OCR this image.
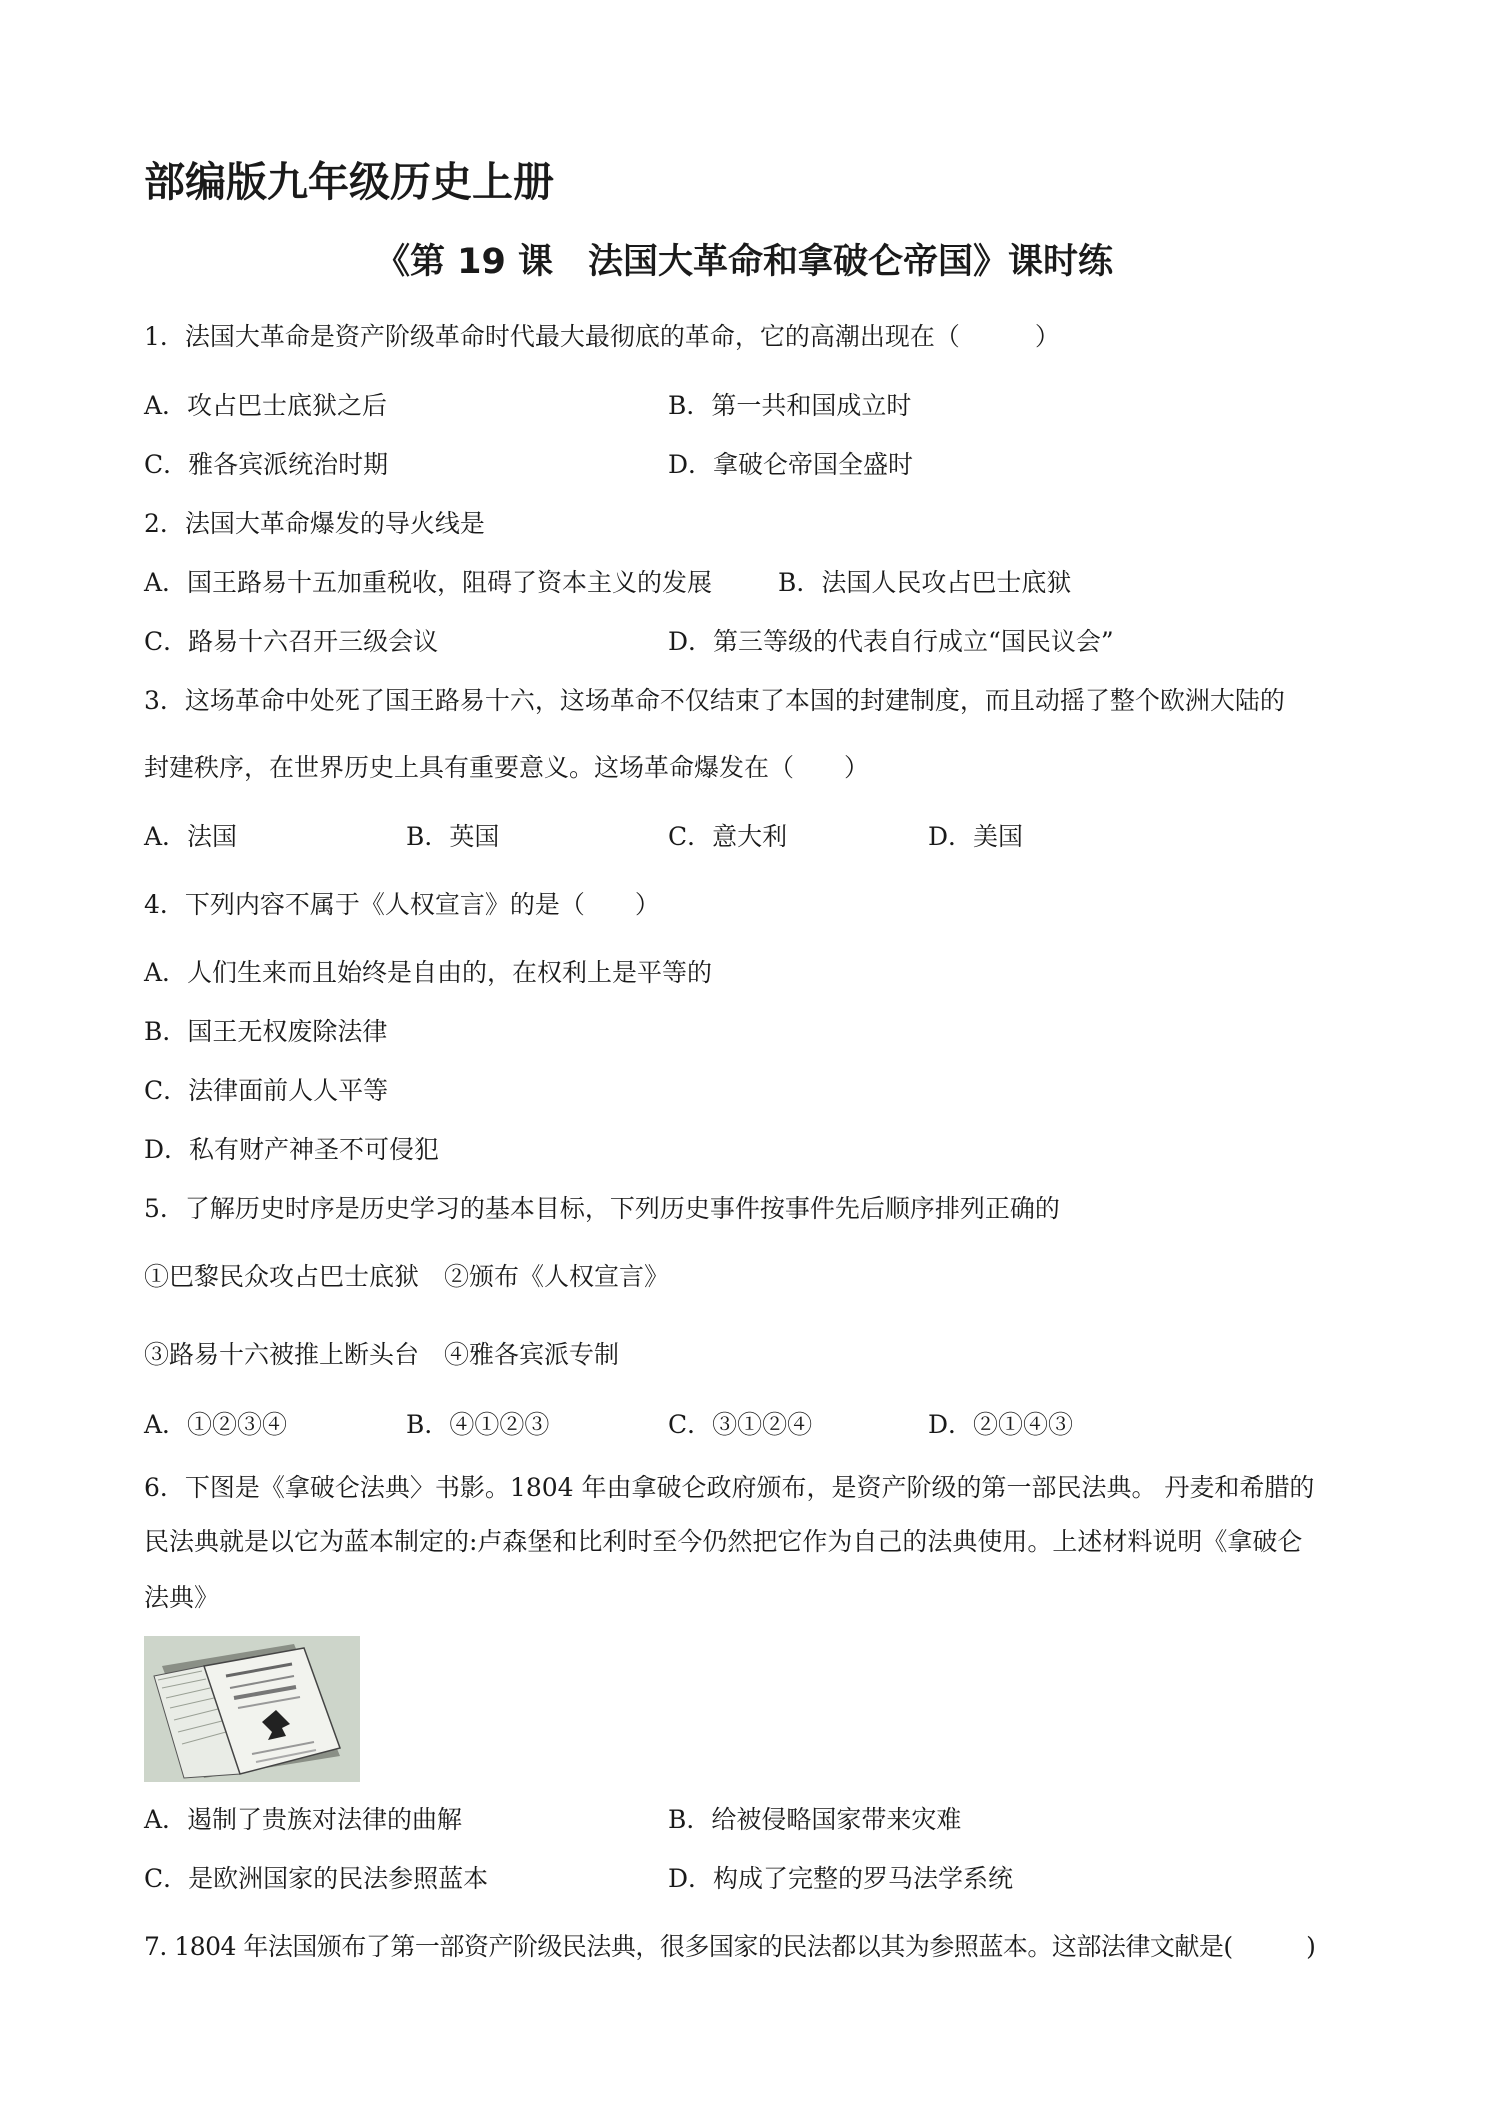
部编版九年级历史上册
《第 19 课　法国大革命和拿破仑帝国》课时练
1．法国大革命是资产阶级革命时代最大最彻底的革命，它的高潮出现在（　　　）
A．攻占巴士底狱之后	B．第一共和国成立时
C．雅各宾派统治时期	D．拿破仑帝国全盛时
2．法国大革命爆发的导火线是
A．国王路易十五加重税收，阻碍了资本主义的发展	B．法国人民攻占巴士底狱
C．路易十六召开三级会议	D．第三等级的代表自行成立“国民议会”
3．这场革命中处死了国王路易十六，这场革命不仅结束了本国的封建制度，而且动摇了整个欧洲大陆的
封建秩序，在世界历史上具有重要意义。这场革命爆发在（　　）
A．法国	B．英国	C．意大利	D．美国
4．下列内容不属于《人权宣言》的是（　　）
A．人们生来而且始终是自由的，在权利上是平等的
B．国王无权废除法律
C．法律面前人人平等
D．私有财产神圣不可侵犯
5．了解历史时序是历史学习的基本目标，下列历史事件按事件先后顺序排列正确的
①巴黎民众攻占巴士底狱　②颁布《人权宣言》
③路易十六被推上断头台　④雅各宾派专制
A．①②③④	B．④①②③	C．③①②④	D．②①④③
6．下图是《拿破仑法典〉书影。1804 年由拿破仑政府颁布，是资产阶级的第一部民法典。 丹麦和希腊的
民法典就是以它为蓝本制定的:卢森堡和比利时至今仍然把它作为自己的法典使用。上述材料说明《拿破仑
法典》
A．遏制了贵族对法律的曲解	B．给被侵略国家带来灾难
C．是欧洲国家的民法参照蓝本	D．构成了完整的罗马法学系统
7. 1804 年法国颁布了第一部资产阶级民法典，很多国家的民法都以其为参照蓝本。这部法律文献是(　　　)
